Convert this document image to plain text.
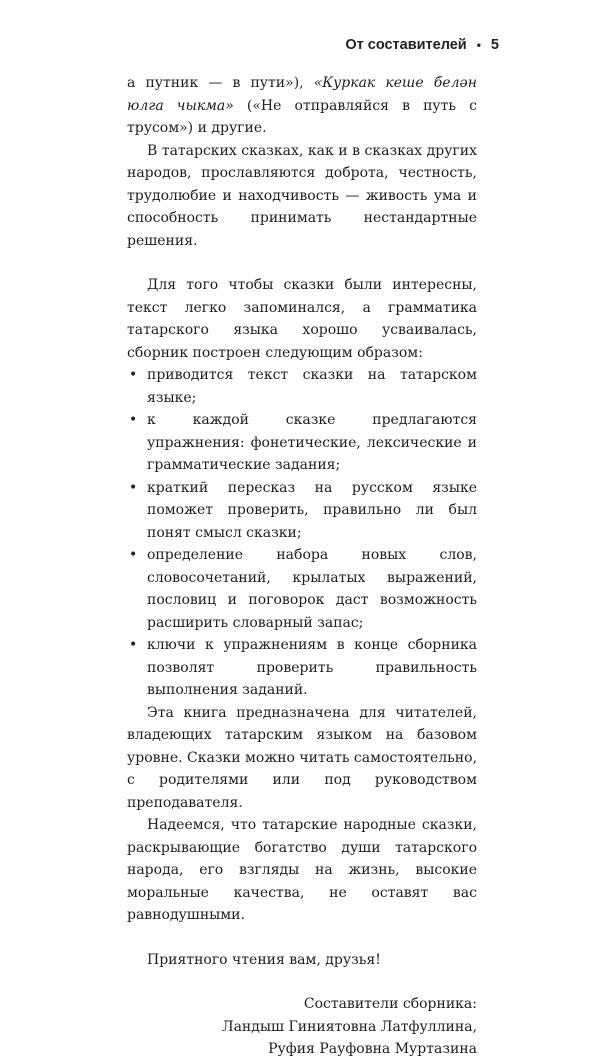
От составителей • 5

а путник — в пути»), «Куркак кеше белән юлга чыкма» («Не отправляйся в путь с трусом») и другие.

В татарских сказках, как и в сказках других народов, прославляются доброта, честность, трудолюбие и находчивость — живость ума и способность принимать нестандартные решения.

Для того чтобы сказки были интересны, текст легко запоминался, а грамматика татарского языка хорошо усваивалась, сборник построен следующим образом:

• приводится текст сказки на татарском языке;
• к каждой сказке предлагаются упражнения: фонетические, лексические и грамматические задания;
• краткий пересказ на русском языке поможет проверить, правильно ли был понят смысл сказки;
• определение набора новых слов, словосочетаний, крылатых выражений, пословиц и поговорок даст возможность расширить словарный запас;
• ключи к упражнениям в конце сборника позволят проверить правильность выполнения заданий.

Эта книга предназначена для читателей, владеющих татарским языком на базовом уровне. Сказки можно читать самостоятельно, с родителями или под руководством преподавателя.

Надеемся, что татарские народные сказки, раскрывающие богатство души татарского народа, его взгляды на жизнь, высокие моральные качества, не оставят вас равнодушными.

Приятного чтения вам, друзья!

Составители сборника:
Ландыш Гиниятовна Латфуллина,
Руфия Рауфовна Муртазина
